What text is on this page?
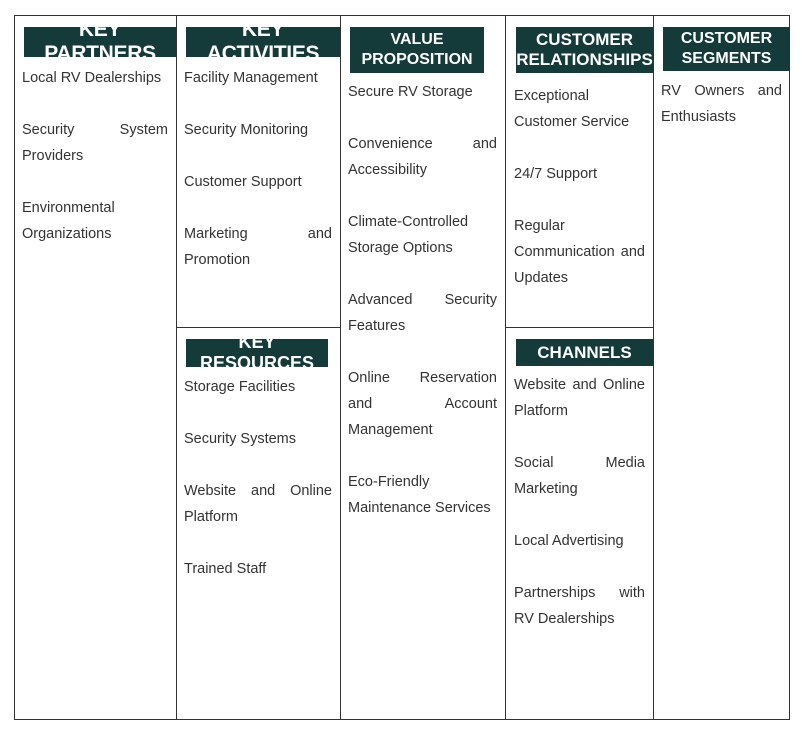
KEY PARTNERS
Local RV Dealerships
Security System Providers
Environmental Organizations
KEY ACTIVITIES
Facility Management
Security Monitoring
Customer Support
Marketing and Promotion
KEY RESOURCES
Storage Facilities
Security Systems
Website and Online Platform
Trained Staff
VALUE PROPOSITION
Secure RV Storage
Convenience and Accessibility
Climate-Controlled Storage Options
Advanced Security Features
Online Reservation and Account Management
Eco-Friendly Maintenance Services
CUSTOMER RELATIONSHIPS
Exceptional Customer Service
24/7 Support
Regular Communication and Updates
CHANNELS
Website and Online Platform
Social Media Marketing
Local Advertising
Partnerships with RV Dealerships
CUSTOMER SEGMENTS
RV Owners and Enthusiasts
